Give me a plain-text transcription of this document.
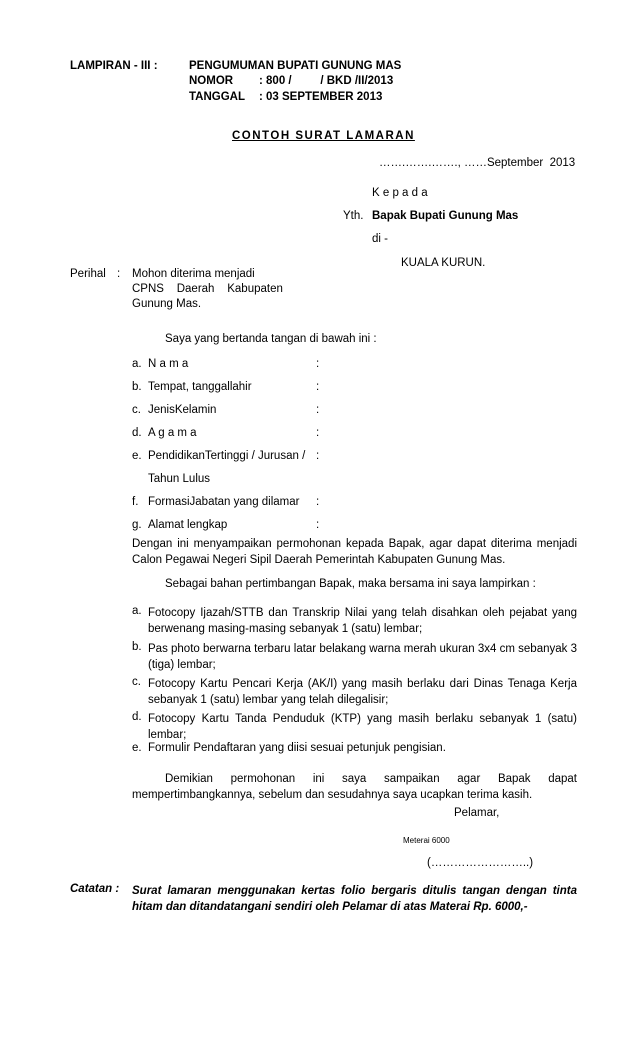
LAMPIRAN - III :	PENGUMUMAN BUPATI GUNUNG MAS
NOMOR : 800 /         / BKD /II/2013
TANGGAL : 03 SEPTEMBER 2013
CONTOH SURAT LAMARAN
…….…….……., ……September  2013
K e p a d a
Yth. Bapak Bupati Gunung Mas
di -
KUALA KURUN.
Perihal : Mohon diterima menjadi
CPNS    Daerah    Kabupaten
Gunung Mas.
Saya yang bertanda tangan di bawah ini :
a. N a m a	:
b. Tempat, tanggallahir	:
c. JenisKelamin	:
d. A g a m a	:
e. PendidikanTertinggi / Jurusan / :
Tahun Lulus
f. FormasiJabatan yang dilamar :
g. Alamat lengkap	:
Dengan ini menyampaikan permohonan kepada Bapak, agar dapat diterima menjadi Calon Pegawai Negeri Sipil Daerah Pemerintah Kabupaten Gunung Mas.
Sebagai bahan pertimbangan Bapak, maka bersama ini saya lampirkan :
a. Fotocopy Ijazah/STTB dan Transkrip Nilai yang telah disahkan oleh pejabat yang berwenang masing-masing sebanyak 1 (satu) lembar;
b. Pas photo berwarna terbaru latar belakang warna merah ukuran 3x4 cm sebanyak 3 (tiga) lembar;
c. Fotocopy Kartu Pencari Kerja (AK/I) yang masih berlaku dari Dinas Tenaga Kerja sebanyak 1 (satu) lembar yang telah dilegalisir;
d. Fotocopy Kartu Tanda Penduduk (KTP) yang masih berlaku sebanyak 1 (satu) lembar;
e. Formulir Pendaftaran yang diisi sesuai petunjuk pengisian.
Demikian permohonan ini saya sampaikan agar Bapak dapat mempertimbangkannya, sebelum dan sesudahnya saya ucapkan terima kasih.
Pelamar,
Meterai 6000
(……………………..)
Catatan : Surat lamaran menggunakan kertas folio bergaris ditulis tangan dengan tinta hitam dan ditandatangani sendiri oleh Pelamar di atas Materai Rp. 6000,-
